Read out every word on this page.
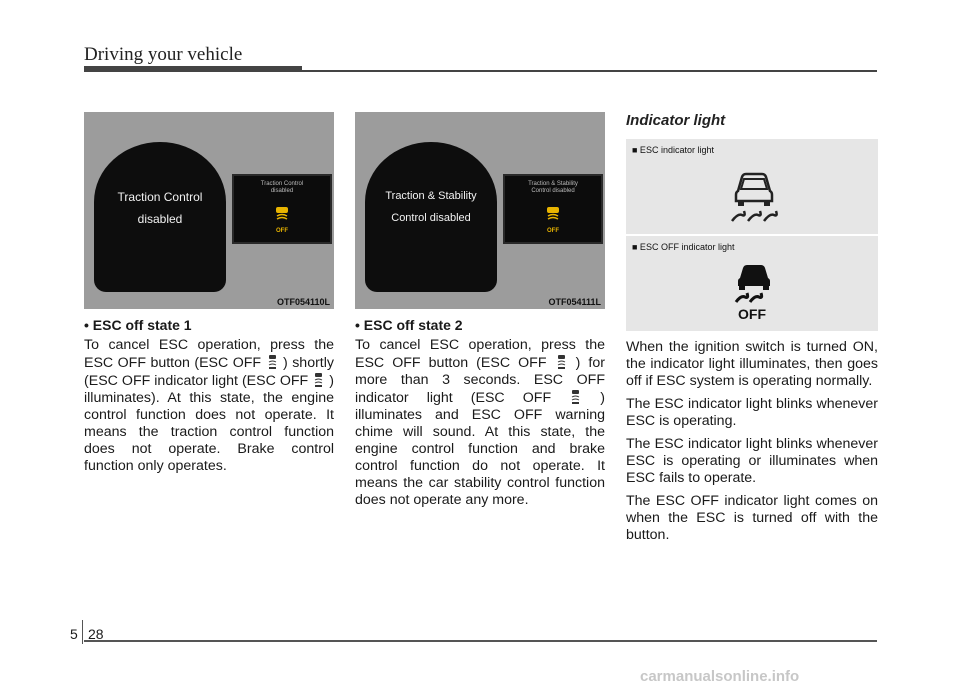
Driving your vehicle
Traction Control
disabled
Traction Control
disabled
OFF
OTF054110L
• ESC off state 1
To cancel ESC operation, press the ESC OFF button (ESC OFF ) shortly (ESC OFF indicator light (ESC OFF ) illuminates). At this state, the engine control function does not operate. It means the traction control function does not operate. Brake control function only operates.
Traction & Stability
Control disabled
Traction & Stability
Control disabled
OFF
OTF054111L
• ESC off state 2
To cancel ESC operation, press the ESC OFF button (ESC OFF ) for more than 3 seconds. ESC OFF indicator light (ESC OFF	) illuminates and ESC OFF warning chime will sound. At this state, the engine control function and brake control function do not operate. It means the car stability control function does not operate any more.
Indicator light
■ ESC indicator light
■ ESC OFF indicator light
OFF

When the ignition switch is turned ON, the indicator light illuminates, then goes off if ESC system is operating normally.

The ESC indicator light blinks whenever ESC is operating.

The ESC indicator light blinks whenever ESC is operating or illuminates when ESC fails to operate.

The ESC OFF indicator light comes on when the ESC is turned off with the button.

5 28
carmanualsonline.info
